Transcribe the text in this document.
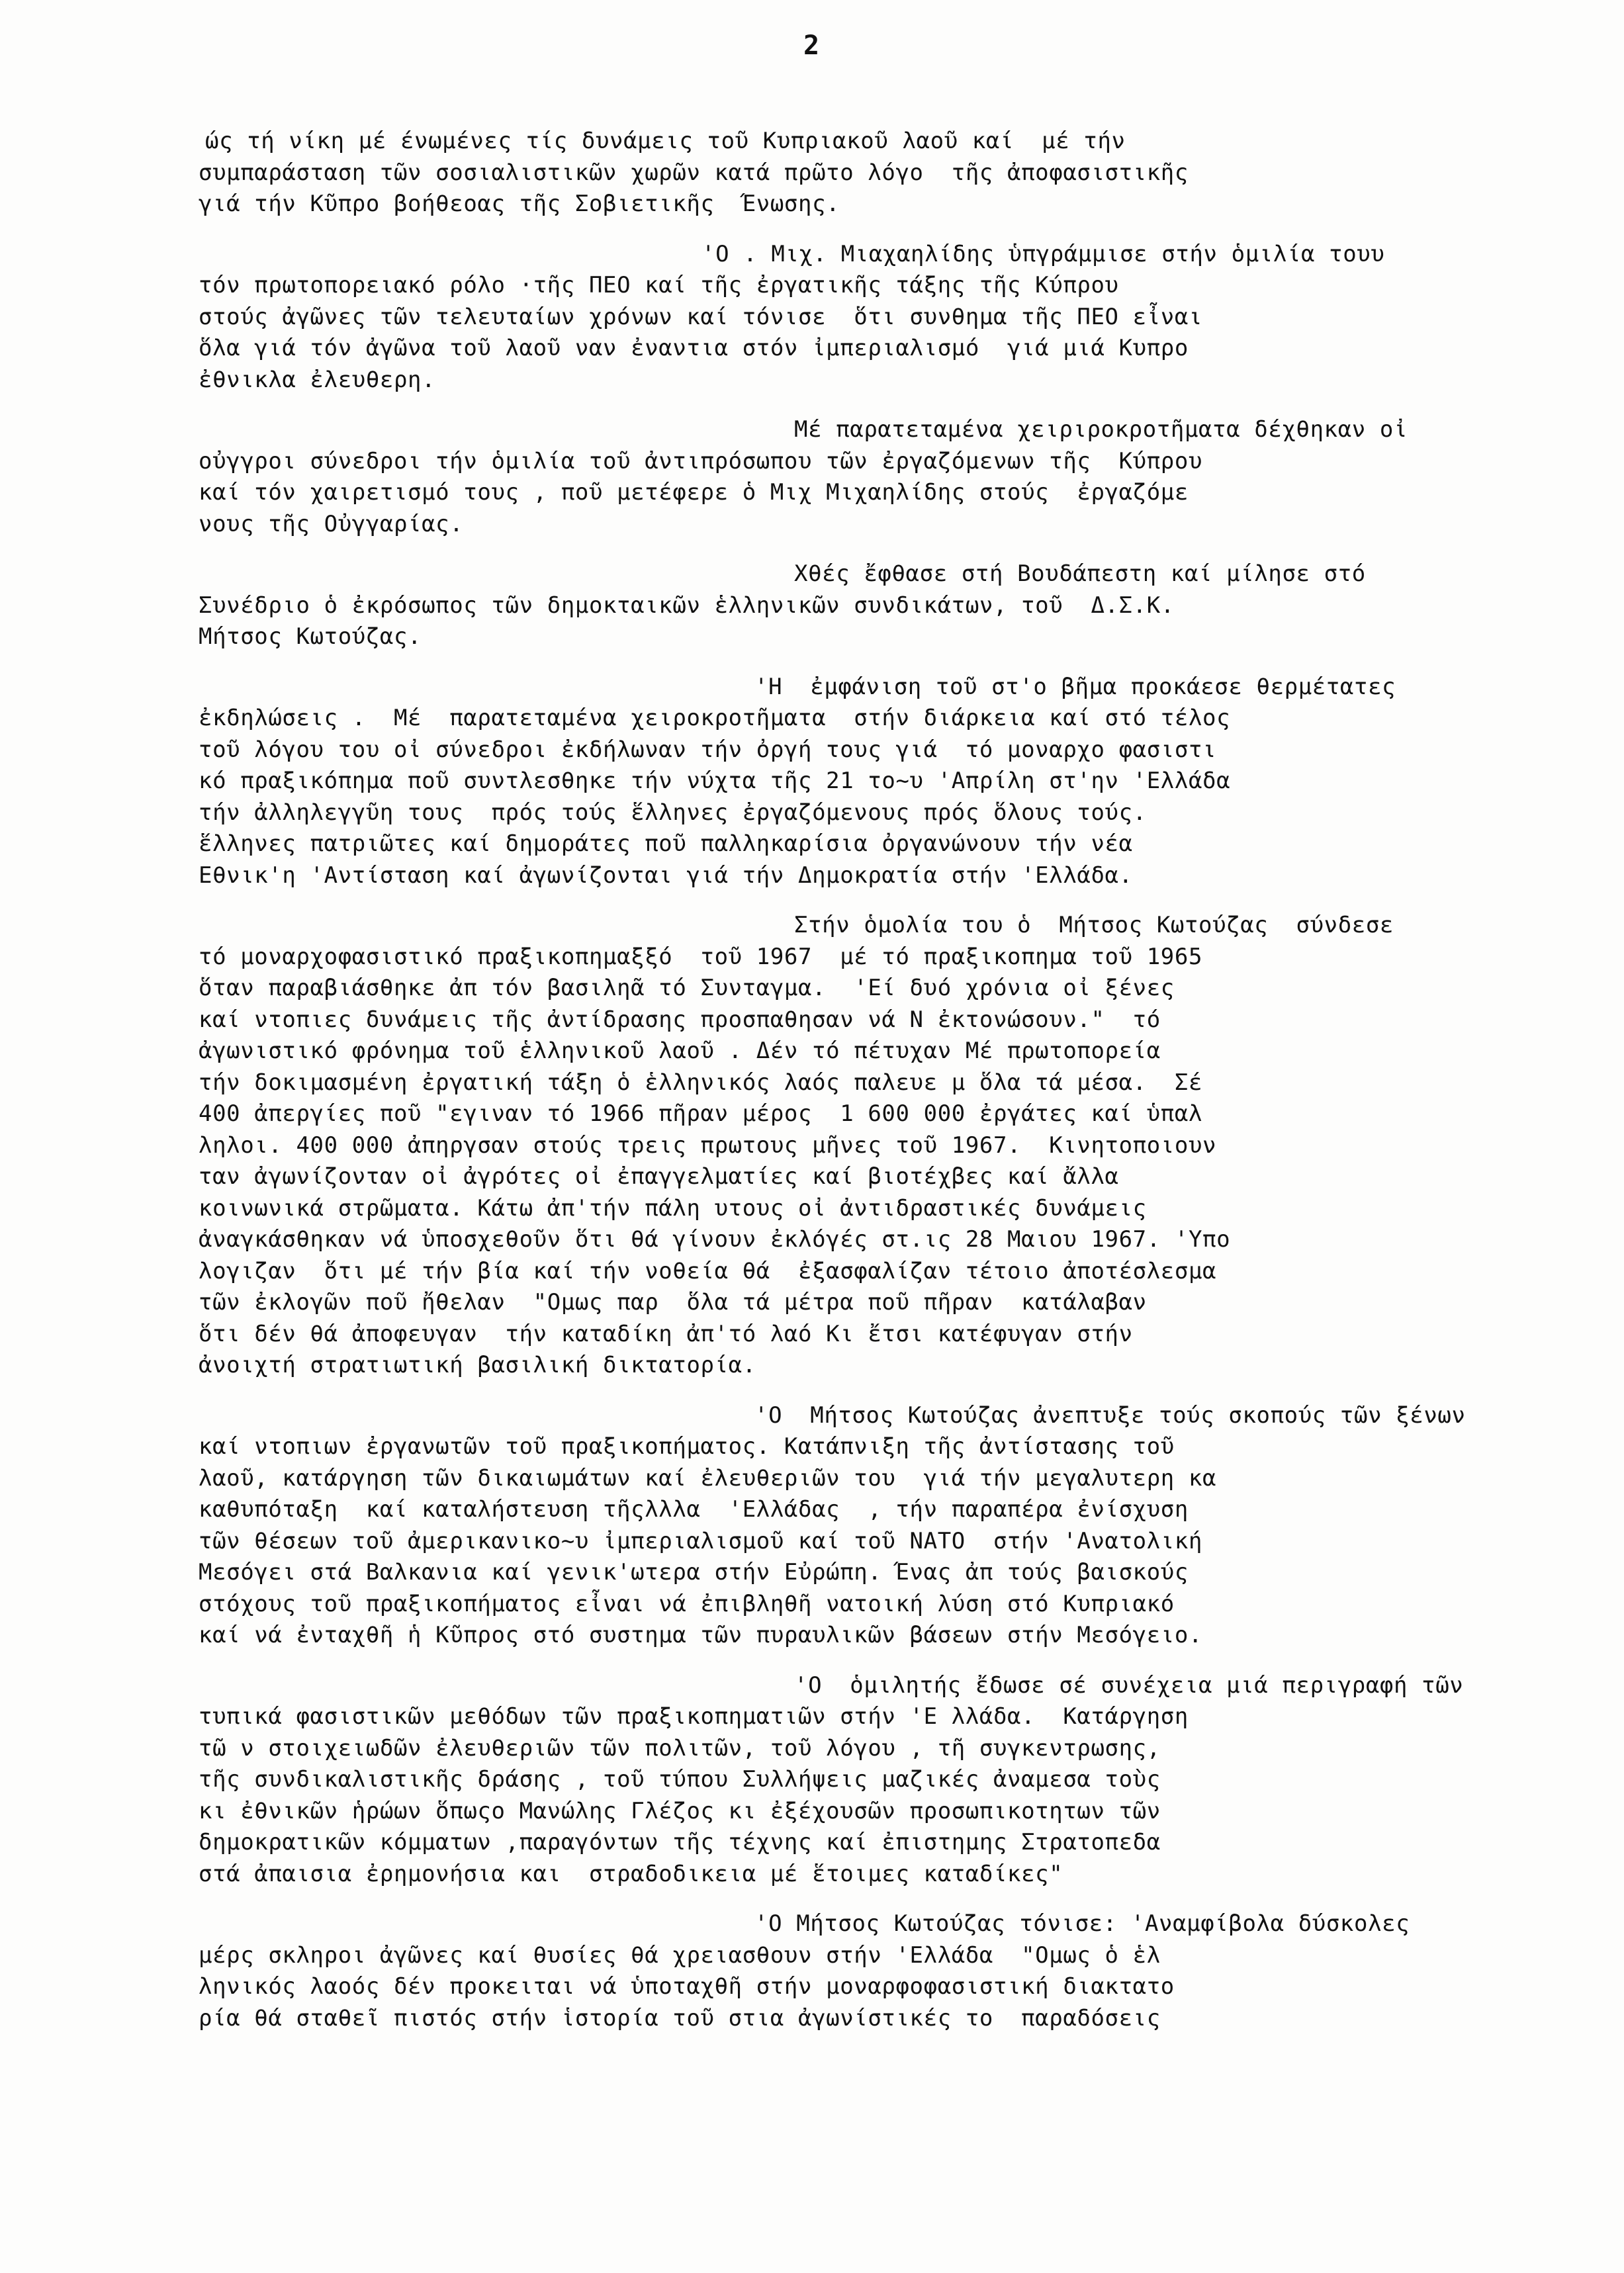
2
ώς τή νίκη μέ ένωμένες τίς δυνάμεις τοῦ Κυπριακοῦ λαοῦ καί  μέ τήν
συμπαράσταση τῶν σοσιαλιστικῶν χωρῶν κατά πρῶτο λόγο  τῆς ἀποφασιστικῆς
γιά τήν Κῦπρο βοήθεοας τῆς Σοβιετικῆς  Ένωσης.
'Ο . Μιχ. Μιαχαηλίδης ὑπγράμμισε στήν ὁμιλία τουυ
τόν πρωτοπορειακό ρόλο ·τῆς ΠΕΟ καί τῆς ἐργατικῆς τάξης τῆς Κύπρου
στούς ἀγῶνες τῶν τελευταίων χρόνων καί τόνισε  ὅτι συνθημα τῆς ΠΕΟ εἶναι
ὅλα γιά τόν ἀγῶνα τοῦ λαοῦ ναν ἐναντια στόν ἰμπεριαλισμό  γιά μιά Κυπρο
ἐθνικλα ἐλευθερη.
Μέ παρατεταμένα χειριροκροτῆματα δέχθηκαν οἰ
οὐγγροι σύνεδροι τήν ὁμιλία τοῦ ἀντιπρόσωπου τῶν ἐργαζόμενων τῆς  Κύπρου
καί τόν χαιρετισμό τους , ποῦ μετέφερε ὁ Μιχ Μιχαηλίδης στούς  ἐργαζόμε
νους τῆς Οὐγγαρίας.
Χθές ἔφθασε στή Βουδάπεστη καί μίλησε στό
Συνέδριο ὁ ἐκρόσωπος τῶν δημοκταικῶν ἑλληνικῶν συνδικάτων, τοῦ  Δ.Σ.Κ.
Μήτσος Κωτούζας.
'Η  ἐμφάνιση τοῦ στ'ο βῆμα προκάεσε θερμέτατες
ἐκδηλώσεις .  Μέ  παρατεταμένα χειροκροτῆματα  στήν διάρκεια καί στό τέλος
τοῦ λόγου του οἰ σύνεδροι ἐκδήλωναν τήν ὀργή τους γιά  τό μοναρχο φασιστι
κό πραξικόπημα ποῦ συντλεσθηκε τήν νύχτα τῆς 21 το~υ 'Απρίλη στ'ην 'Ελλάδα
τήν ἀλληλεγγῦη τους  πρός τούς ἕλληνες ἐργαζόμενους πρός ὅλους τούς.
ἕλληνες πατριῶτες καί δημοράτες ποῦ παλληκαρίσια ὀργανώνουν τήν νέα
Εθνικ'η 'Αντίσταση καί ἀγωνίζονται γιά τήν Δημοκρατία στήν 'Ελλάδα.
Στήν ὁμολία του ὁ  Μήτσος Κωτούζας  σύνδεσε
τό μοναρχοφασιστικό πραξικοπημαξξό  τοῦ 1967  μέ τό πραξικοπημα τοῦ 1965
ὅταν παραβιάσθηκε ἀπ τόν βασιληᾶ τό Συνταγμα.  'Εί δυό χρόνια οἰ ξένες
καί ντοπιες δυνάμεις τῆς ἀντίδρασης προσπαθησαν νά Ν ἐκτονώσουν."  τό
ἀγωνιστικό φρόνημα τοῦ ἑλληνικοῦ λαοῦ . Δέν τό πέτυχαν Μέ πρωτοπορεία
τήν δοκιμασμένη ἐργατική τάξη ὁ ἑλληνικός λαός παλευε μ ὅλα τά μέσα.  Σέ
400 ἀπεργίες ποῦ "εγιναν τό 1966 πῆραν μέρος  1 600 000 ἐργάτες καί ὑπαλ
ληλοι. 400 000 ἀπηργσαν στούς τρεις πρωτους μῆνες τοῦ 1967.  Κινητοποιουν
ταν ἀγωνίζονταν οἰ ἀγρότες οἰ ἐπαγγελματίες καί βιοτέχβες καί ἄλλα
κοινωνικά στρῶματα. Κάτω ἀπ'τήν πάλη υτους οἰ ἀντιδραστικές δυνάμεις
ἀναγκάσθηκαν νά ὑποσχεθοῦν ὅτι θά γίνουν ἐκλόγές στ.ις 28 Μαιου 1967. 'Υπο
λογιζαν  ὅτι μέ τήν βία καί τήν νοθεία θά  ἐξασφαλίζαν τέτοιο ἀποτέσλεσμα
τῶν ἐκλογῶν ποῦ ἤθελαν  "Ομως παρ  ὅλα τά μέτρα ποῦ πῆραν  κατάλαβαν
ὅτι δέν θά ἀποφευγαν  τήν καταδίκη ἀπ'τό λαό Κι ἔτσι κατέφυγαν στήν
ἀνοιχτή στρατιωτική βασιλική δικτατορία.
'Ο  Μήτσος Κωτούζας ἀνεπτυξε τούς σκοπούς τῶν ξένων
καί ντοπιων ἐργανωτῶν τοῦ πραξικοπήματος. Κατάπνιξη τῆς ἀντίστασης τοῦ
λαοῦ, κατάργηση τῶν δικαιωμάτων καί ἐλευθεριῶν του  γιά τήν μεγαλυτερη κα
καθυπόταξη  καί καταλήστευση τῆςλλλα  'Ελλάδας  , τήν παραπέρα ἐνίσχυση
τῶν θέσεων τοῦ ἀμερικανικο~υ ἰμπεριαλισμοῦ καί τοῦ ΝΑΤΟ  στήν 'Ανατολική
Μεσόγει στά Βαλκανια καί γενικ'ωτερα στήν Εὐρώπη. Ένας ἀπ τούς βαισκούς
στόχους τοῦ πραξικοπήματος εἶναι νά ἐπιβληθῆ νατοική λύση στό Κυπριακό
καί νά ἐνταχθῆ ἡ Κῦπρος στό συστημα τῶν πυραυλικῶν βάσεων στήν Μεσόγειο.
'Ο  ὁμιλητής ἔδωσε σέ συνέχεια μιά περιγραφή τῶν
τυπικά φασιστικῶν μεθόδων τῶν πραξικοπηματιῶν στήν 'Ε λλάδα.  Κατάργηση
τῶ ν στοιχειωδῶν ἐλευθεριῶν τῶν πολιτῶν, τοῦ λόγου , τῆ συγκεντρωσης,
τῆς συνδικαλιστικῆς δράσης , τοῦ τύπου Συλλήψεις μαζικές ἀναμεσα τοὺς
κι ἐθνικῶν ἡρώων ὅπωςο Μανώλης Γλέζος κι ἐξέχουσῶν προσωπικοτητων τῶν
δημοκρατικῶν κόμματων ,παραγόντων τῆς τέχνης καί ἐπιστημης Στρατοπεδα
στά ἀπαισια ἐρημονήσια και  στραδοδικεια μέ ἕτοιμες καταδίκες"
'Ο Μήτσος Κωτούζας τόνισε: 'Αναμφίβολα δύσκολες
μέρς σκληροι ἀγῶνες καί θυσίες θά χρειασθουν στήν 'Ελλάδα  "Ομως ὁ ἑλ
ληνικός λαοός δέν προκειται νά ὑποταχθῆ στήν μοναρφοφασιστική διακτατο
ρία θά σταθεῖ πιστός στήν ἱστορία τοῦ στια ἀγωνίστικές το  παραδόσεις
